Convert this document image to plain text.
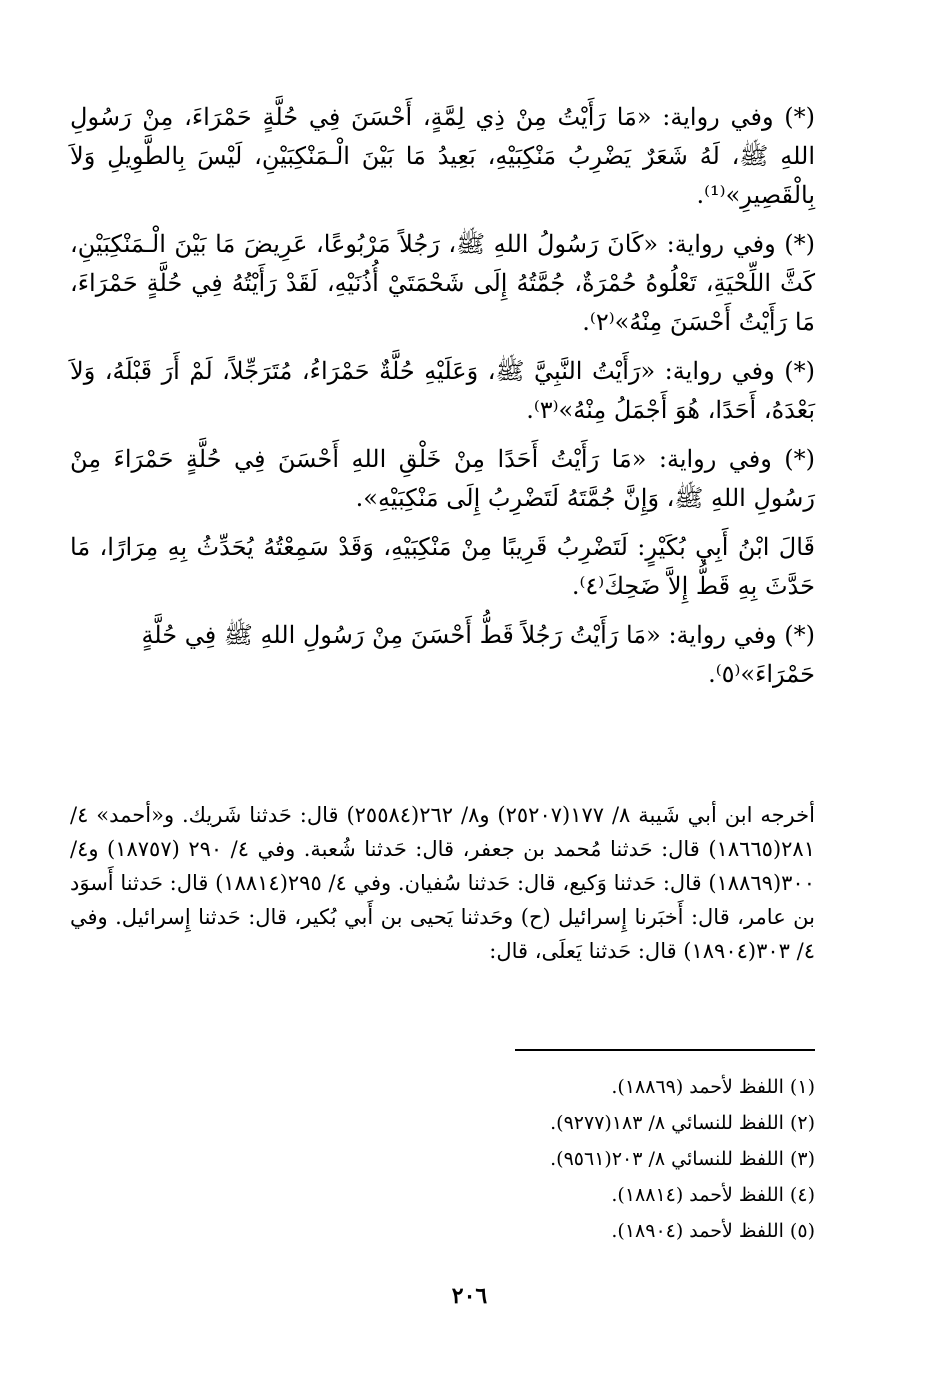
(*) وفي رواية: «مَا رَأَيْتُ مِنْ ذِي لِمَّةٍ، أَحْسَنَ فِي حُلَّةٍ حَمْرَاءَ، مِنْ رَسُولِ اللهِ ﷺ، لَهُ شَعَرٌ يَضْرِبُ مَنْكِبَيْهِ، بَعِيدُ مَا بَيْنَ الْـمَنْكِبَيْنِ، لَيْسَ بِالطَّوِيلِ وَلاَ بِالْقَصِيرِ»⁽¹⁾.

(*) وفي رواية: «كَانَ رَسُولُ اللهِ ﷺ، رَجُلاً مَرْبُوعًا، عَرِيضَ مَا بَيْنَ الْـمَنْكِبَيْنِ، كَثَّ اللِّحْيَةِ، تَعْلُوهُ حُمْرَةٌ، جُمَّتُهُ إِلَى شَحْمَتَيْ أُذُنَيْهِ، لَقَدْ رَأَيْتُهُ فِي حُلَّةٍ حَمْرَاءَ، مَا رَأَيْتُ أَحْسَنَ مِنْهُ»⁽٢⁾.

(*) وفي رواية: «رَأَيْتُ النَّبِيَّ ﷺ، وَعَلَيْهِ حُلَّةٌ حَمْرَاءُ، مُتَرَجِّلاً، لَمْ أَرَ قَبْلَهُ، وَلاَ بَعْدَهُ، أَحَدًا، هُوَ أَجْمَلُ مِنْهُ»⁽٣⁾.

(*) وفي رواية: «مَا رَأَيْتُ أَحَدًا مِنْ خَلْقِ اللهِ أَحْسَنَ فِي حُلَّةٍ حَمْرَاءَ مِنْ رَسُولِ اللهِ ﷺ، وَإِنَّ جُمَّتَهُ لَتَضْرِبُ إِلَى مَنْكِبَيْهِ».

قَالَ ابْنُ أَبِي بُكَيْرٍ: لَتَضْرِبُ قَرِيبًا مِنْ مَنْكِبَيْهِ، وَقَدْ سَمِعْتُهُ يُحَدِّثُ بِهِ مِرَارًا، مَا حَدَّثَ بِهِ قَطُّ إِلاَّ ضَحِكَ⁽٤⁾.

(*) وفي رواية: «مَا رَأَيْتُ رَجُلاً قَطُّ أَحْسَنَ مِنْ رَسُولِ اللهِ ﷺ فِي حُلَّةٍ حَمْرَاءَ»⁽٥⁾.

أخرجه ابن أبي شَيبة ٨/ ١٧٧(٢٥٢٠٧) و٨/ ٢٦٢(٢٥٥٨٤) قال: حَدثنا شَريك. و«أحمد» ٤/ ٢٨١(١٨٦٦٥) قال: حَدثنا مُحمد بن جعفر، قال: حَدثنا شُعبة. وفي ٤/ ٢٩٠ (١٨٧٥٧) و٤/ ٣٠٠(١٨٨٦٩) قال: حَدثنا وَكيع، قال: حَدثنا سُفيان. وفي ٤/ ٢٩٥(١٨٨١٤) قال: حَدثنا أَسوَد بن عامر، قال: أَخبَرنا إِسرائيل (ح) وحَدثنا يَحيى بن أَبي بُكير، قال: حَدثنا إِسرائيل. وفي ٤/ ٣٠٣(١٨٩٠٤) قال: حَدثنا يَعلَى، قال:

(١) اللفظ لأحمد (١٨٨٦٩).

(٢) اللفظ للنسائي ٨/ ١٨٣(٩٢٧٧).

(٣) اللفظ للنسائي ٨/ ٢٠٣(٩٥٦١).

(٤) اللفظ لأحمد (١٨٨١٤).

(٥) اللفظ لأحمد (١٨٩٠٤).

٢٠٦
